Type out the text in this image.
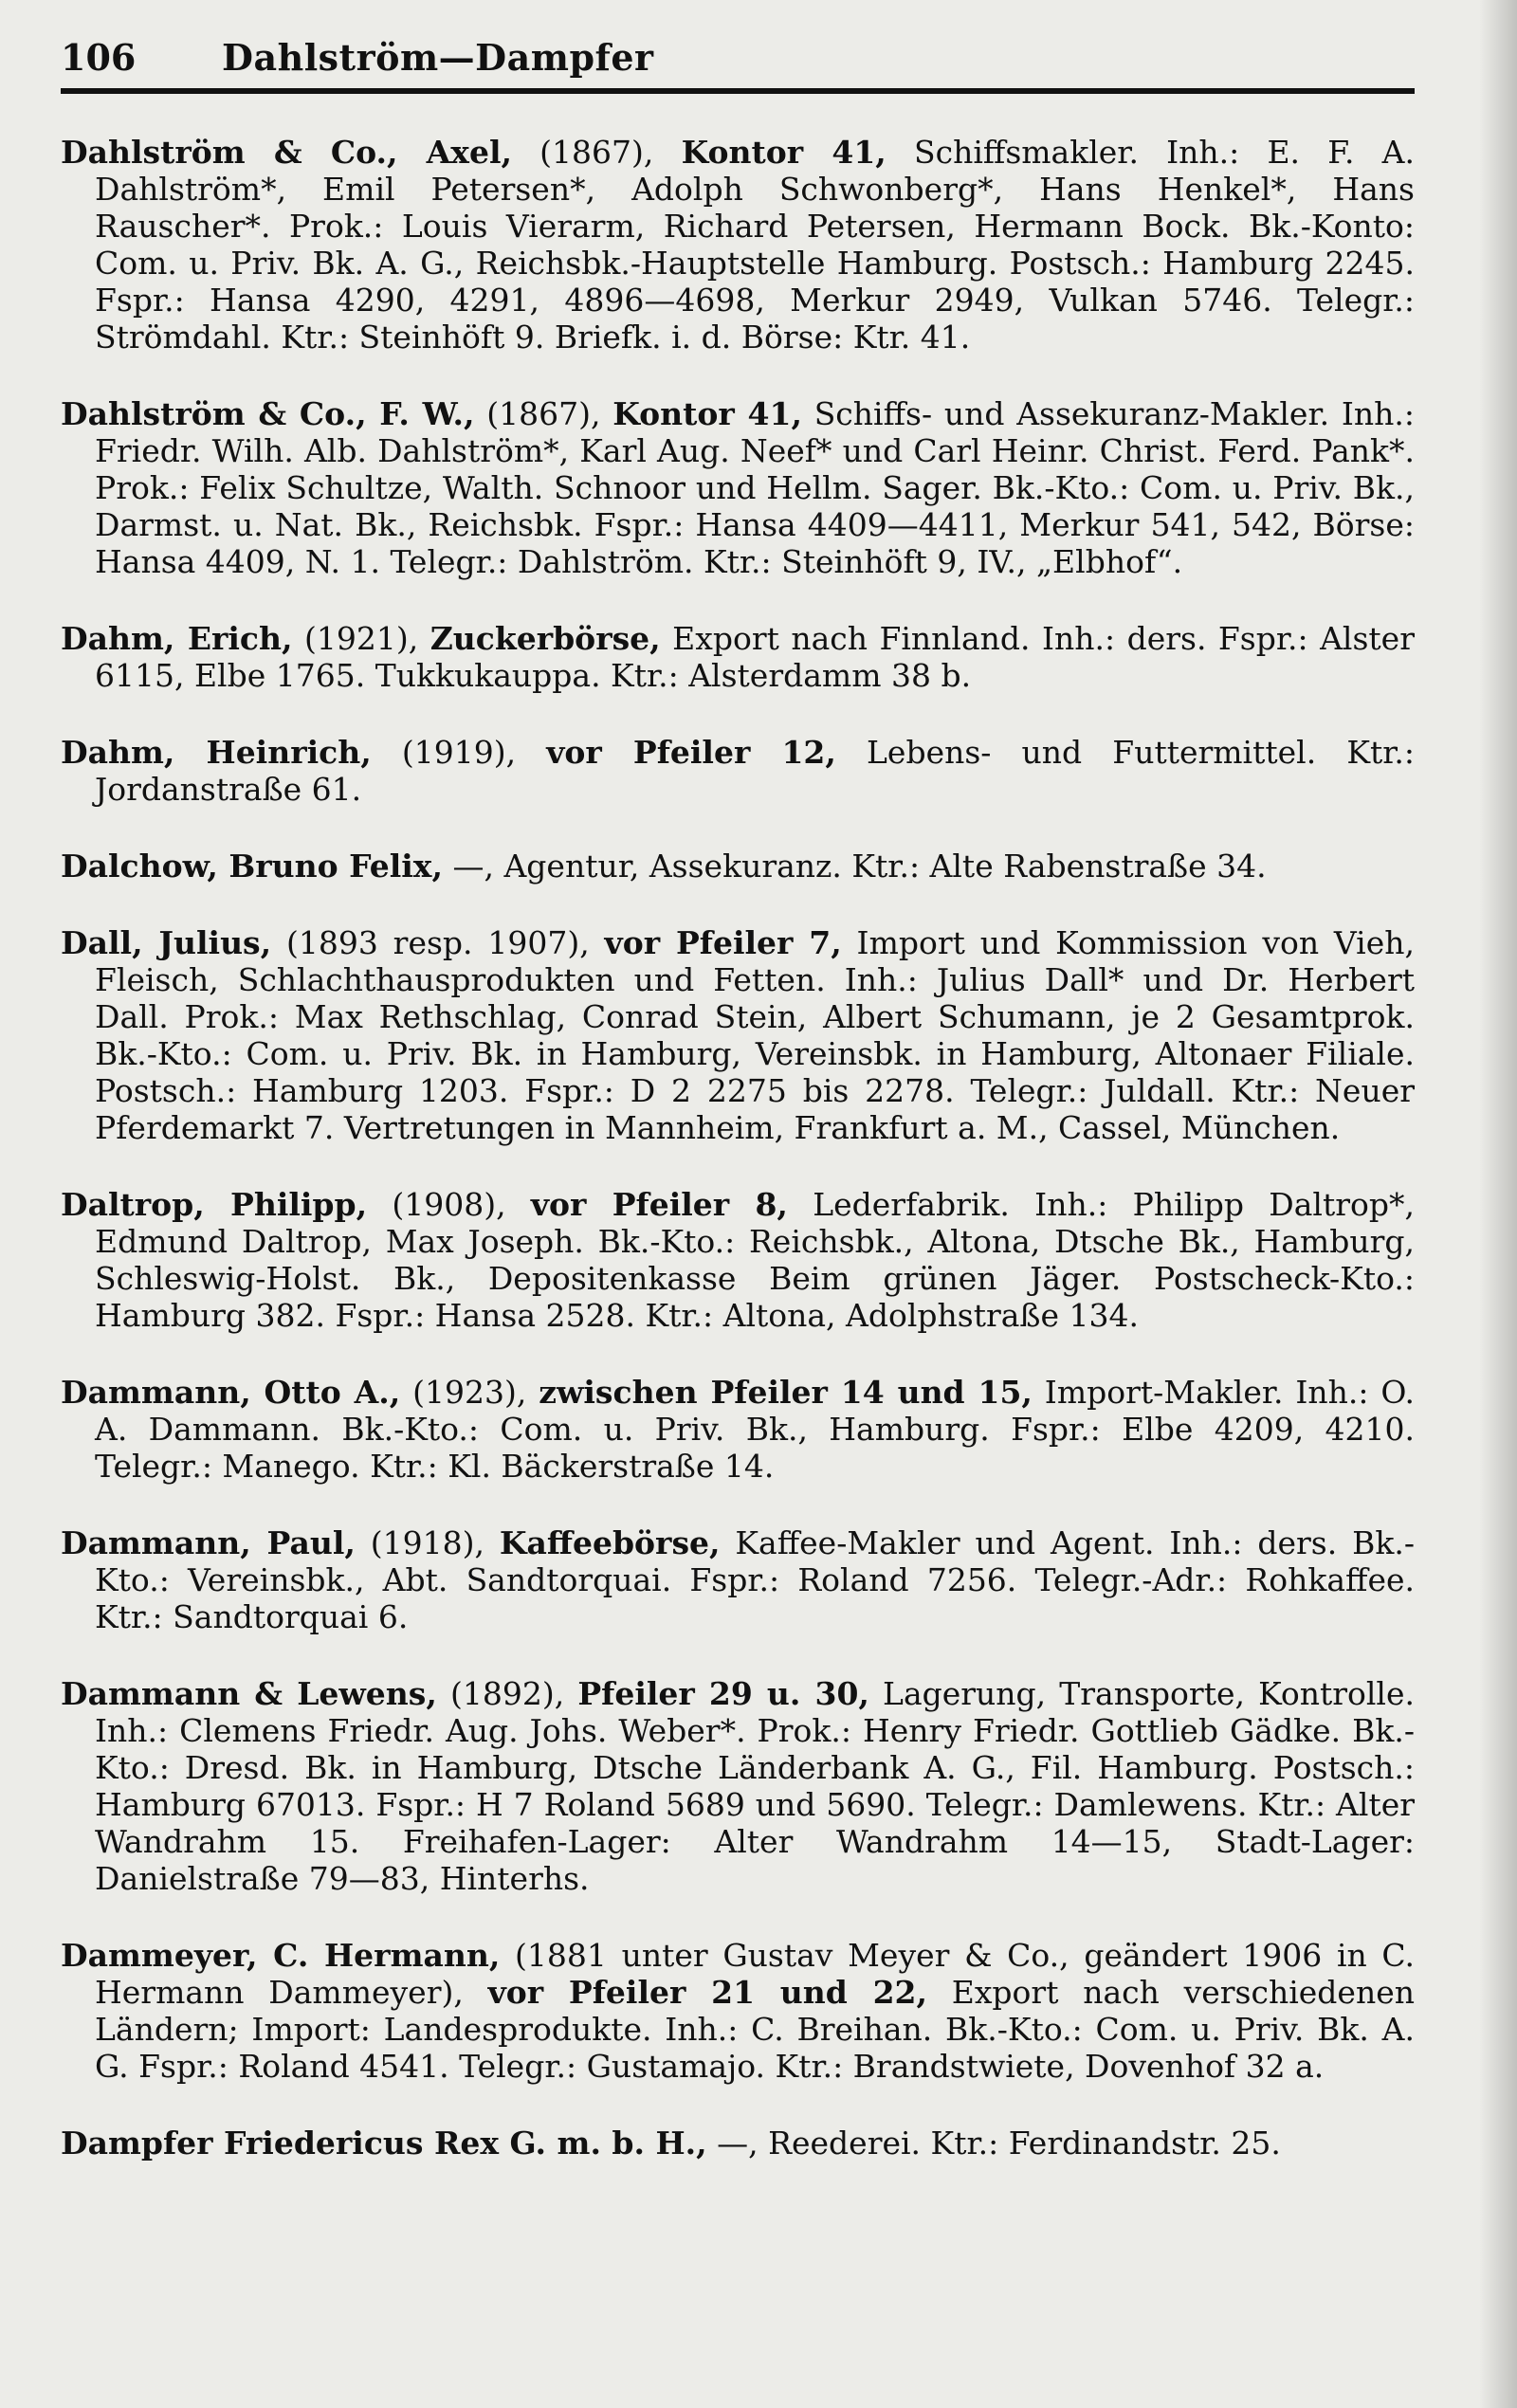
106	Dahlström—Dampfer

Dahlström & Co., Axel, (1867), Kontor 41, Schiffsmakler. Inh.: E. F. A. Dahlström*, Emil Petersen*, Adolph Schwonberg*, Hans Henkel*, Hans Rauscher*. Prok.: Louis Vierarm, Richard Petersen, Hermann Bock. Bk.-Konto: Com. u. Priv. Bk. A. G., Reichsbk.-Hauptstelle Hamburg. Postsch.: Hamburg 2245. Fspr.: Hansa 4290, 4291, 4896—4698, Merkur 2949, Vulkan 5746. Telegr.: Strömdahl. Ktr.: Steinhöft 9. Briefk. i. d. Börse: Ktr. 41.

Dahlström & Co., F. W., (1867), Kontor 41, Schiffs- und Assekuranz-Makler. Inh.: Friedr. Wilh. Alb. Dahlström*, Karl Aug. Neef* und Carl Heinr. Christ. Ferd. Pank*. Prok.: Felix Schultze, Walth. Schnoor und Hellm. Sager. Bk.-Kto.: Com. u. Priv. Bk., Darmst. u. Nat. Bk., Reichsbk. Fspr.: Hansa 4409—4411, Merkur 541, 542, Börse: Hansa 4409, N. 1. Telegr.: Dahlström. Ktr.: Steinhöft 9, IV., „Elbhof“.

Dahm, Erich, (1921), Zuckerbörse, Export nach Finnland. Inh.: ders. Fspr.: Alster 6115, Elbe 1765. Tukkukauppa. Ktr.: Alsterdamm 38 b.

Dahm, Heinrich, (1919), vor Pfeiler 12, Lebens- und Futtermittel. Ktr.: Jordanstraße 61.

Dalchow, Bruno Felix, —, Agentur, Assekuranz. Ktr.: Alte Rabenstraße 34.

Dall, Julius, (1893 resp. 1907), vor Pfeiler 7, Import und Kommission von Vieh, Fleisch, Schlachthausprodukten und Fetten. Inh.: Julius Dall* und Dr. Herbert Dall. Prok.: Max Rethschlag, Conrad Stein, Albert Schumann, je 2 Gesamtprok. Bk.-Kto.: Com. u. Priv. Bk. in Hamburg, Vereinsbk. in Hamburg, Altonaer Filiale. Postsch.: Hamburg 1203. Fspr.: D 2 2275 bis 2278. Telegr.: Juldall. Ktr.: Neuer Pferdemarkt 7. Vertretungen in Mannheim, Frankfurt a. M., Cassel, München.

Daltrop, Philipp, (1908), vor Pfeiler 8, Lederfabrik. Inh.: Philipp Daltrop*, Edmund Daltrop, Max Joseph. Bk.-Kto.: Reichsbk., Altona, Dtsche Bk., Hamburg, Schleswig-Holst. Bk., Depositenkasse Beim grünen Jäger. Postscheck-Kto.: Hamburg 382. Fspr.: Hansa 2528. Ktr.: Altona, Adolphstraße 134.

Dammann, Otto A., (1923), zwischen Pfeiler 14 und 15, Import-Makler. Inh.: O. A. Dammann. Bk.-Kto.: Com. u. Priv. Bk., Hamburg. Fspr.: Elbe 4209, 4210. Telegr.: Manego. Ktr.: Kl. Bäckerstraße 14.

Dammann, Paul, (1918), Kaffeebörse, Kaffee-Makler und Agent. Inh.: ders. Bk.-Kto.: Vereinsbk., Abt. Sandtorquai. Fspr.: Roland 7256. Telegr.-Adr.: Rohkaffee. Ktr.: Sandtorquai 6.

Dammann & Lewens, (1892), Pfeiler 29 u. 30, Lagerung, Transporte, Kontrolle. Inh.: Clemens Friedr. Aug. Johs. Weber*. Prok.: Henry Friedr. Gottlieb Gädke. Bk.-Kto.: Dresd. Bk. in Hamburg, Dtsche Länderbank A. G., Fil. Hamburg. Postsch.: Hamburg 67013. Fspr.: H 7 Roland 5689 und 5690. Telegr.: Damlewens. Ktr.: Alter Wandrahm 15. Freihafen-Lager: Alter Wandrahm 14—15, Stadt-Lager: Danielstraße 79—83, Hinterhs.

Dammeyer, C. Hermann, (1881 unter Gustav Meyer & Co., geändert 1906 in C. Hermann Dammeyer), vor Pfeiler 21 und 22, Export nach verschiedenen Ländern; Import: Landesprodukte. Inh.: C. Breihan. Bk.-Kto.: Com. u. Priv. Bk. A. G. Fspr.: Roland 4541. Telegr.: Gustamajo. Ktr.: Brandstwiete, Dovenhof 32 a.

Dampfer Friedericus Rex G. m. b. H., —, Reederei. Ktr.: Ferdinandstr. 25.
